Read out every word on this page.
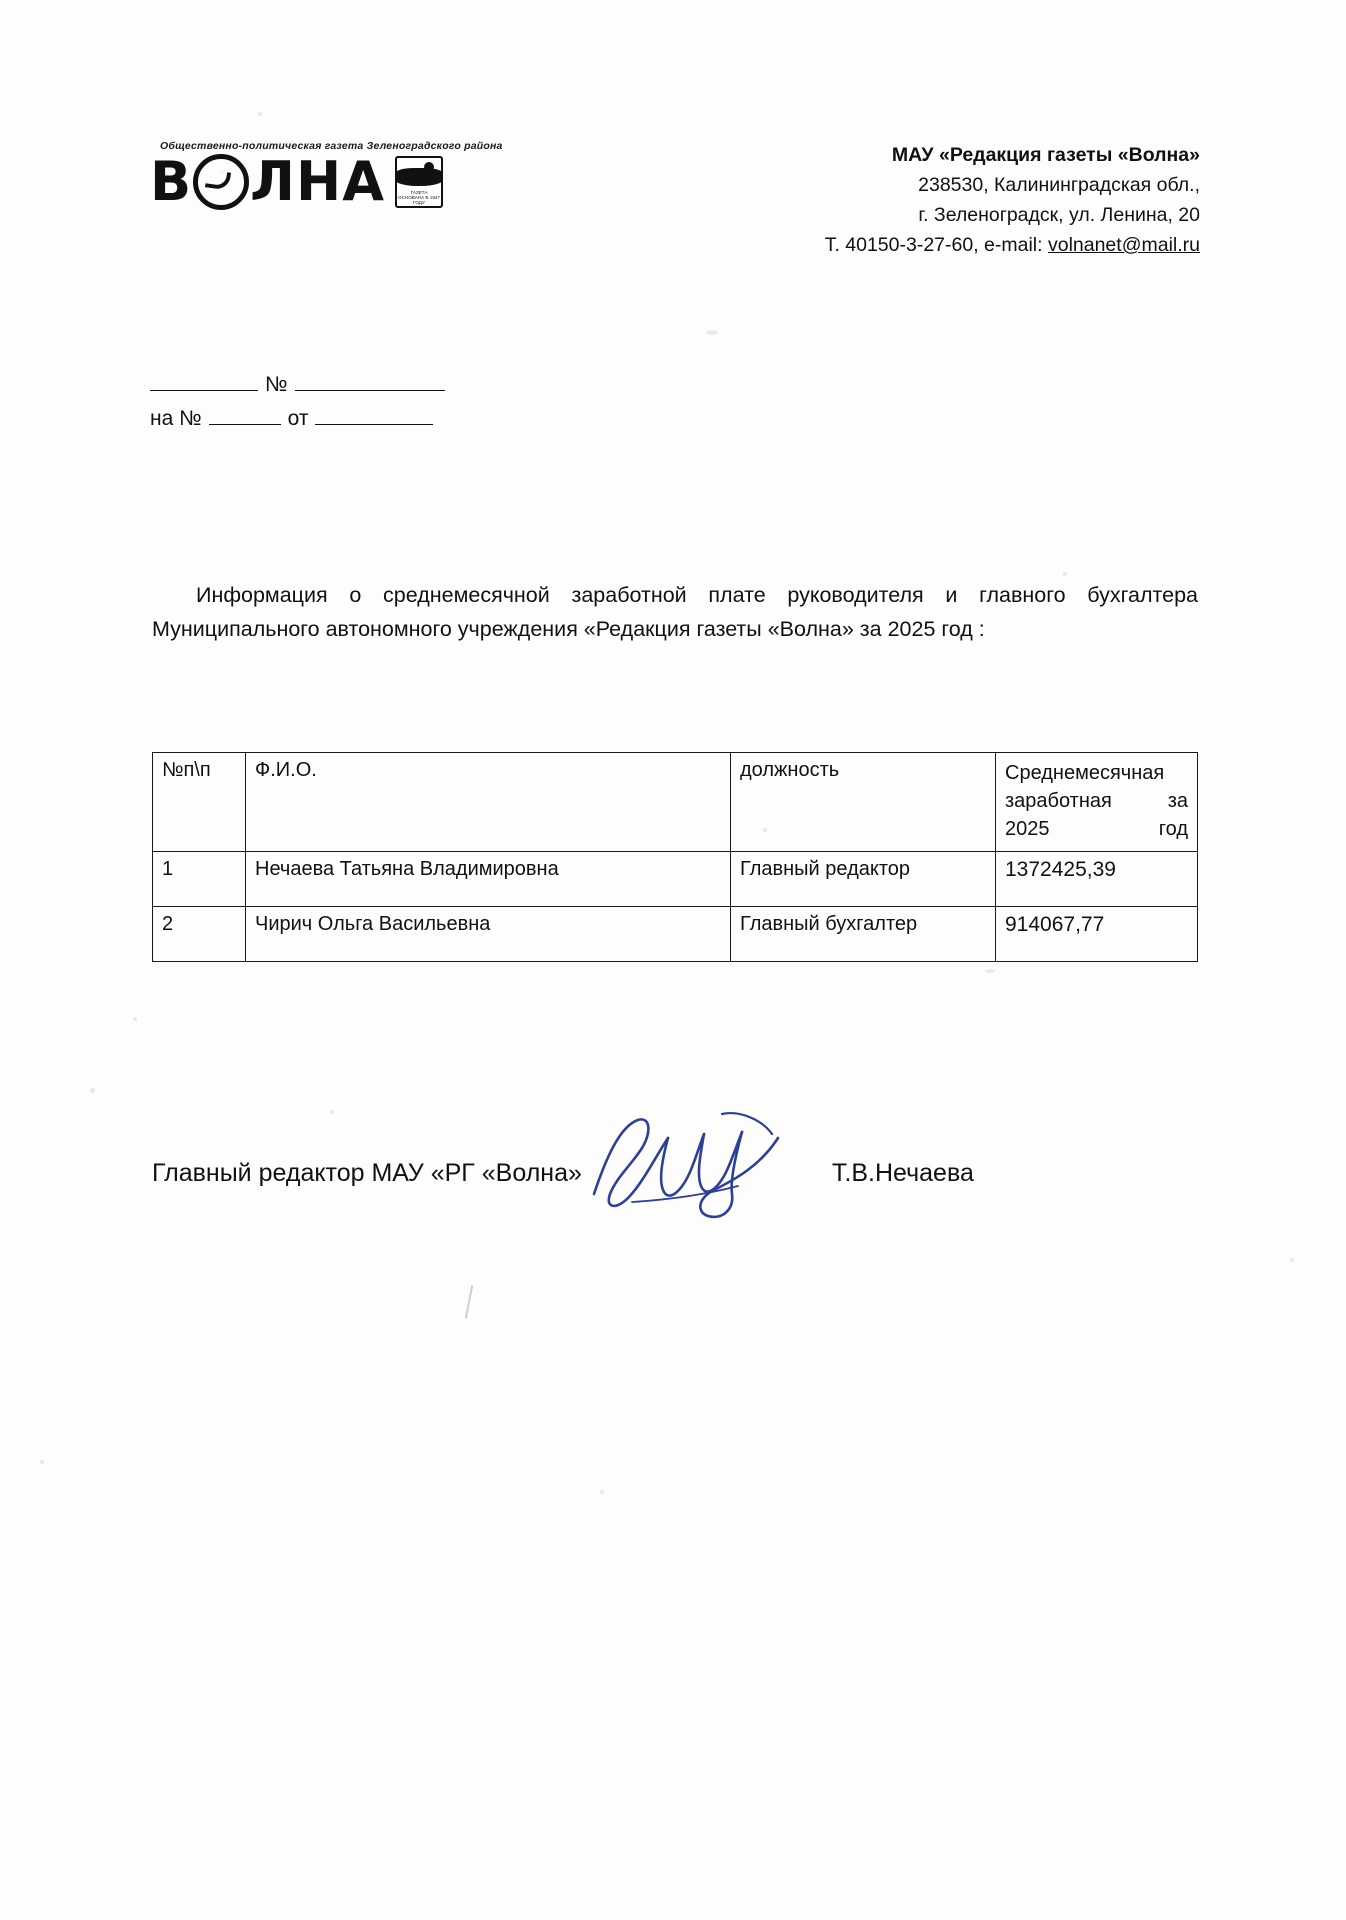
Общественно-политическая газета Зеленоградского района
В ЛНА	ГАЗЕТА ОСНОВАНА В 1947 ГОДУ
МАУ «Редакция газеты «Волна»
238530, Калининградская обл.,
г. Зеленоградск, ул. Ленина, 20
Т. 40150-3-27-60, e-mail: volnanet@mail.ru
№
на №	от
Информация о среднемесячной заработной плате руководителя и главного бухгалтера Муниципального автономного учреждения «Редакция газеты «Волна» за 2025 год :
№п\п	Ф.И.О.	должность	Среднемесячная
заработная за
2025 год

1	Нечаева Татьяна Владимировна	Главный редактор	1372425,39
2	Чирич Ольга Васильевна	Главный бухгалтер	914067,77
Главный редактор МАУ «РГ «Волна»	Т.В.Нечаева
